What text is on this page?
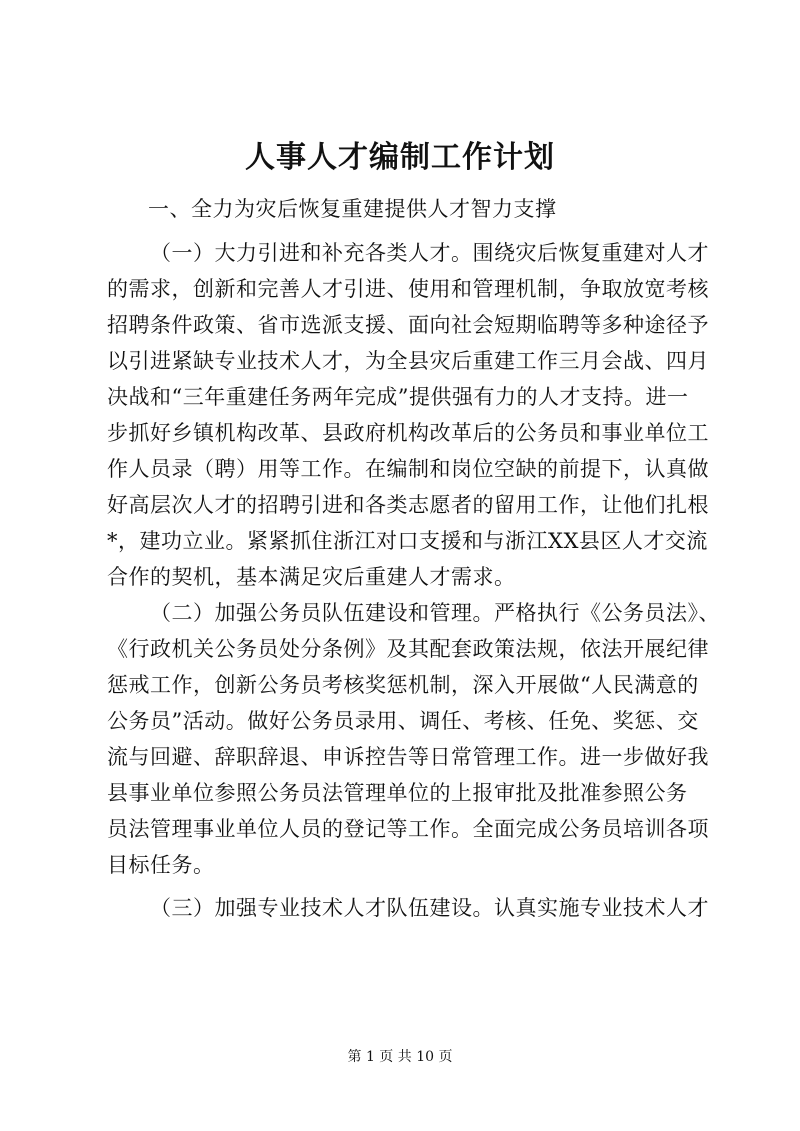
人事人才编制工作计划
一、全力为灾后恢复重建提供人才智力支撑
（一）大力引进和补充各类人才。围绕灾后恢复重建对人才
的需求，创新和完善人才引进、使用和管理机制，争取放宽考核
招聘条件政策、省市选派支援、面向社会短期临聘等多种途径予
以引进紧缺专业技术人才，为全县灾后重建工作三月会战、四月
决战和“三年重建任务两年完成”提供强有力的人才支持。进一
步抓好乡镇机构改革、县政府机构改革后的公务员和事业单位工
作人员录（聘）用等工作。在编制和岗位空缺的前提下，认真做
好高层次人才的招聘引进和各类志愿者的留用工作，让他们扎根
*，建功立业。紧紧抓住浙江对口支援和与浙江XX县区人才交流
合作的契机，基本满足灾后重建人才需求。
（二）加强公务员队伍建设和管理。严格执行《公务员法》、
《行政机关公务员处分条例》及其配套政策法规，依法开展纪律
惩戒工作，创新公务员考核奖惩机制，深入开展做“人民满意的
公务员”活动。做好公务员录用、调任、考核、任免、奖惩、交
流与回避、辞职辞退、申诉控告等日常管理工作。进一步做好我
县事业单位参照公务员法管理单位的上报审批及批准参照公务
员法管理事业单位人员的登记等工作。全面完成公务员培训各项
目标任务。
（三）加强专业技术人才队伍建设。认真实施专业技术人才
第 1 页 共 10 页
